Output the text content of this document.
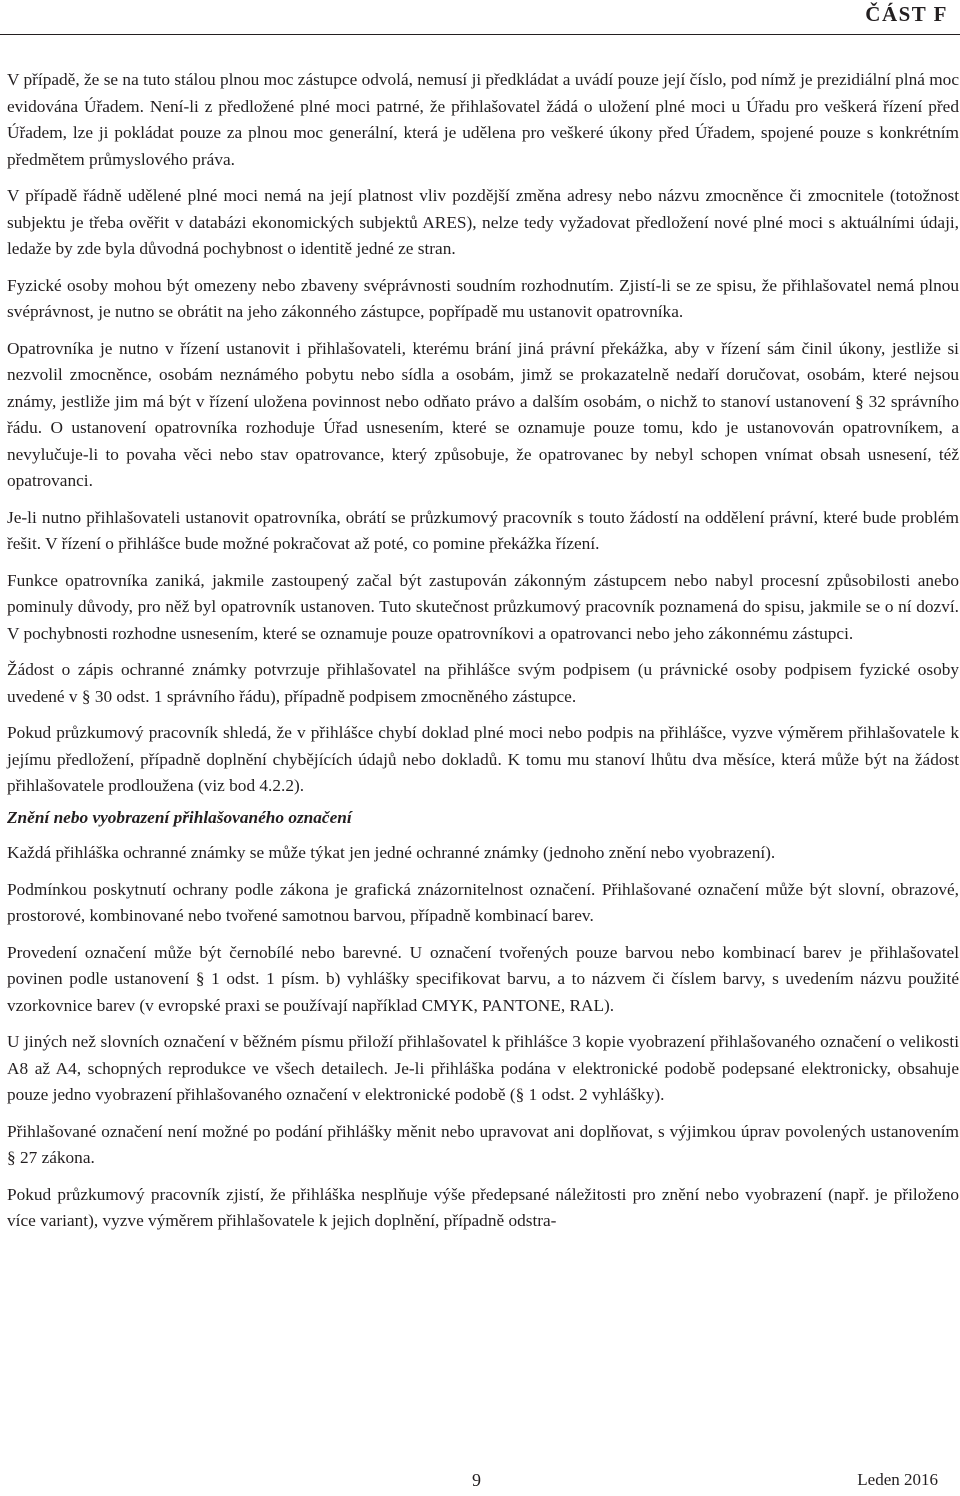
ČÁST F

V případě, že se na tuto stálou plnou moc zástupce odvolá, nemusí ji předkládat a uvádí pouze její číslo, pod nímž je prezidiální plná moc evidována Úřadem. Není-li z předložené plné moci patrné, že přihlašovatel žádá o uložení plné moci u Úřadu pro veškerá řízení před Úřadem, lze ji pokládat pouze za plnou moc generální, která je udělena pro veškeré úkony před Úřadem, spojené pouze s konkrétním předmětem průmyslového práva.

V případě řádně udělené plné moci nemá na její platnost vliv pozdější změna adresy nebo názvu zmocněnce či zmocnitele (totožnost subjektu je třeba ověřit v databázi ekonomických subjektů ARES), nelze tedy vyžadovat předložení nové plné moci s aktuálními údaji, ledaže by zde byla důvodná pochybnost o identitě jedné ze stran.

Fyzické osoby mohou být omezeny nebo zbaveny svéprávnosti soudním rozhodnutím. Zjistí-li se ze spisu, že přihlašovatel nemá plnou svéprávnost, je nutno se obrátit na jeho zákonného zástupce, popřípadě mu ustanovit opatrovníka.

Opatrovníka je nutno v řízení ustanovit i přihlašovateli, kterému brání jiná právní překážka, aby v řízení sám činil úkony, jestliže si nezvolil zmocněnce, osobám neznámého pobytu nebo sídla a osobám, jimž se prokazatelně nedaří doručovat, osobám, které nejsou známy, jestliže jim má být v řízení uložena povinnost nebo odňato právo a dalším osobám, o nichž to stanoví ustanovení § 32 správního řádu. O ustanovení opatrovníka rozhoduje Úřad usnesením, které se oznamuje pouze tomu, kdo je ustanovován opatrovníkem, a nevylučuje-li to povaha věci nebo stav opatrovance, který způsobuje, že opatrovanec by nebyl schopen vnímat obsah usnesení, též opatrovanci.

Je-li nutno přihlašovateli ustanovit opatrovníka, obrátí se průzkumový pracovník s touto žádostí na oddělení právní, které bude problém řešit. V řízení o přihlášce bude možné pokračovat až poté, co pomine překážka řízení.

Funkce opatrovníka zaniká, jakmile zastoupený začal být zastupován zákonným zástupcem nebo nabyl procesní způsobilosti anebo pominuly důvody, pro něž byl opatrovník ustanoven. Tuto skutečnost průzkumový pracovník poznamená do spisu, jakmile se o ní dozví. V pochybnosti rozhodne usnesením, které se oznamuje pouze opatrovníkovi a opatrovanci nebo jeho zákonnému zástupci.

Žádost o zápis ochranné známky potvrzuje přihlašovatel na přihlášce svým podpisem (u právnické osoby podpisem fyzické osoby uvedené v § 30 odst. 1 správního řádu), případně podpisem zmocněného zástupce.

Pokud průzkumový pracovník shledá, že v přihlášce chybí doklad plné moci nebo podpis na přihlášce, vyzve výměrem přihlašovatele k jejímu předložení, případně doplnění chybějících údajů nebo dokladů. K tomu mu stanoví lhůtu dva měsíce, která může být na žádost přihlašovatele prodloužena (viz bod 4.2.2).

Znění nebo vyobrazení přihlašovaného označení

Každá přihláška ochranné známky se může týkat jen jedné ochranné známky (jednoho znění nebo vyobrazení).

Podmínkou poskytnutí ochrany podle zákona je grafická znázornitelnost označení. Přihlašované označení může být slovní, obrazové, prostorové, kombinované nebo tvořené samotnou barvou, případně kombinací barev.

Provedení označení může být černobílé nebo barevné. U označení tvořených pouze barvou nebo kombinací barev je přihlašovatel povinen podle ustanovení § 1 odst. 1 písm. b) vyhlášky specifikovat barvu, a to názvem či číslem barvy, s uvedením názvu použité vzorkovnice barev (v evropské praxi se používají například CMYK, PANTONE, RAL).

U jiných než slovních označení v běžném písmu přiloží přihlašovatel k přihlášce 3 kopie vyobrazení přihlašovaného označení o velikosti A8 až A4, schopných reprodukce ve všech detailech. Je-li přihláška podána v elektronické podobě podepsané elektronicky, obsahuje pouze jedno vyobrazení přihlašovaného označení v elektronické podobě (§ 1 odst. 2 vyhlášky).

Přihlašované označení není možné po podání přihlášky měnit nebo upravovat ani doplňovat, s výjimkou úprav povolených ustanovením § 27 zákona.

Pokud průzkumový pracovník zjistí, že přihláška nesplňuje výše předepsané náležitosti pro znění nebo vyobrazení (např. je přiloženo více variant), vyzve výměrem přihlašovatele k jejich doplnění, případně odstra-

9	Leden 2016
